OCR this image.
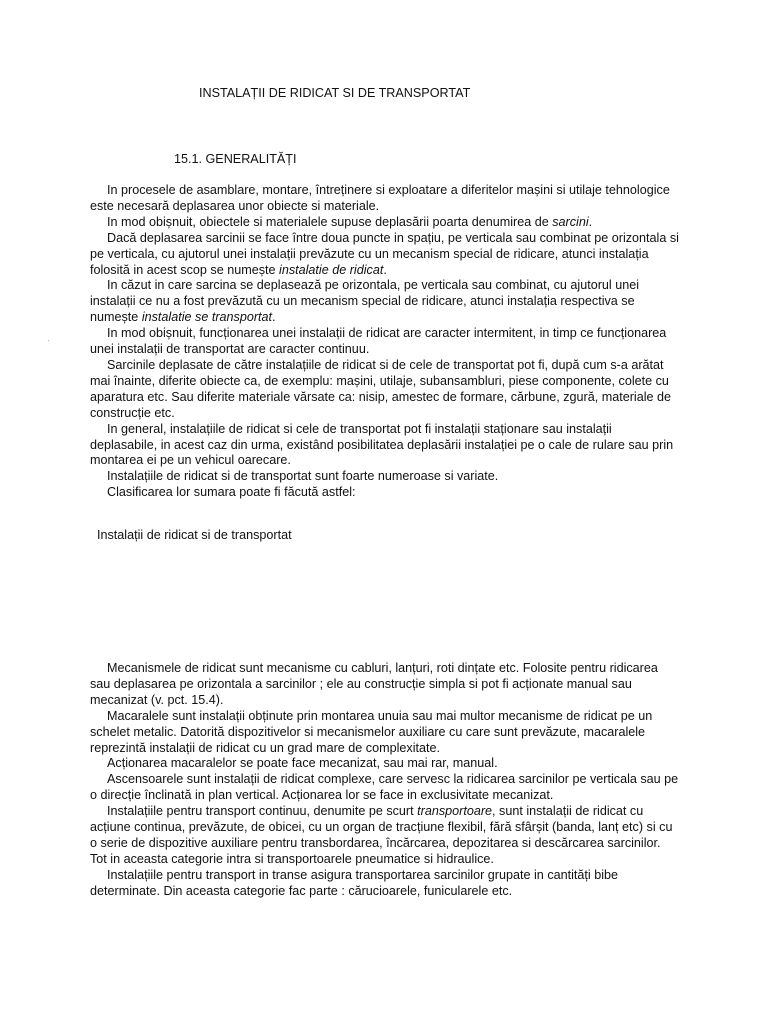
INSTALAȚII DE RIDICAT SI DE TRANSPORTAT
15.1. GENERALITĂȚI
·

In procesele de asamblare, montare, întreținere si exploatare a diferitelor mașini si utilaje tehnologice este necesară deplasarea unor obiecte si materiale.

In mod obișnuit, obiectele si materialele supuse deplasării poarta denumirea de sarcini.

Dacă deplasarea sarcinii se face între doua puncte in spațiu, pe verticala sau combinat pe orizontala si pe verticala, cu ajutorul unei instalații prevăzute cu un mecanism special de ridicare, atunci instalația folosită in acest scop se numește instalatie de ridicat.

In căzut in care sarcina se deplasează pe orizontala, pe verticala sau combinat, cu ajutorul unei instalații ce nu a fost prevăzută cu un mecanism special de ridicare, atunci instalația respectiva se numește instalatie se transportat.

In mod obișnuit, funcționarea unei instalații de ridicat are caracter intermitent, in timp ce funcționarea unei instalații de transportat are caracter continuu.

Sarcinile deplasate de către instalațiile de ridicat si de cele de transportat pot fi, după cum s-a arătat mai înainte, diferite obiecte ca, de exemplu: mașini, utilaje, subansambluri, piese componente, colete cu aparatura etc. Sau diferite materiale vărsate ca: nisip, amestec de formare, cărbune, zgură, materiale de construcție etc.

In general, instalațiile de ridicat si cele de transportat pot fi instalații staționare sau instalații deplasabile, in acest caz din urma, existând posibilitatea deplasării instalației pe o cale de rulare sau prin montarea ei pe un vehicul oarecare.

Instalațiile de ridicat si de transportat sunt foarte numeroase si variate.

Clasificarea lor sumara poate fi făcută astfel:

Instalații de ridicat si de transportat

Mecanismele de ridicat sunt mecanisme cu cabluri, lanțuri, roti dințate etc. Folosite pentru ridicarea sau deplasarea pe orizontala a sarcinilor ; ele au construcție simpla si pot fi acționate manual sau mecanizat (v. pct. 15.4).

Macaralele sunt instalații obținute prin montarea unuia sau mai multor mecanisme de ridicat pe un schelet metalic. Datorită dispozitivelor si mecanismelor auxiliare cu care sunt prevăzute, macaralele reprezintă instalații de ridicat cu un grad mare de complexitate.

Acționarea macaralelor se poate face mecanizat, sau mai rar, manual.

Ascensoarele sunt instalații de ridicat complexe, care servesc la ridicarea sarcinilor pe verticala sau pe o direcție înclinată in plan vertical. Acționarea lor se face in exclusivitate mecanizat.

Instalațiile pentru transport continuu, denumite pe scurt transportoare, sunt instalații de ridicat cu acțiune continua, prevăzute, de obicei, cu un organ de tracțiune flexibil, fără sfârșit (banda, lanț etc) si cu o serie de dispozitive auxiliare pentru transbordarea, încărcarea, depozitarea si descărcarea sarcinilor. Tot in aceasta categorie intra si transportoarele pneumatice si hidraulice.

Instalațiile pentru transport in transe asigura transportarea sarcinilor grupate in cantități bibe determinate. Din aceasta categorie fac parte : cărucioarele, funicularele etc.
